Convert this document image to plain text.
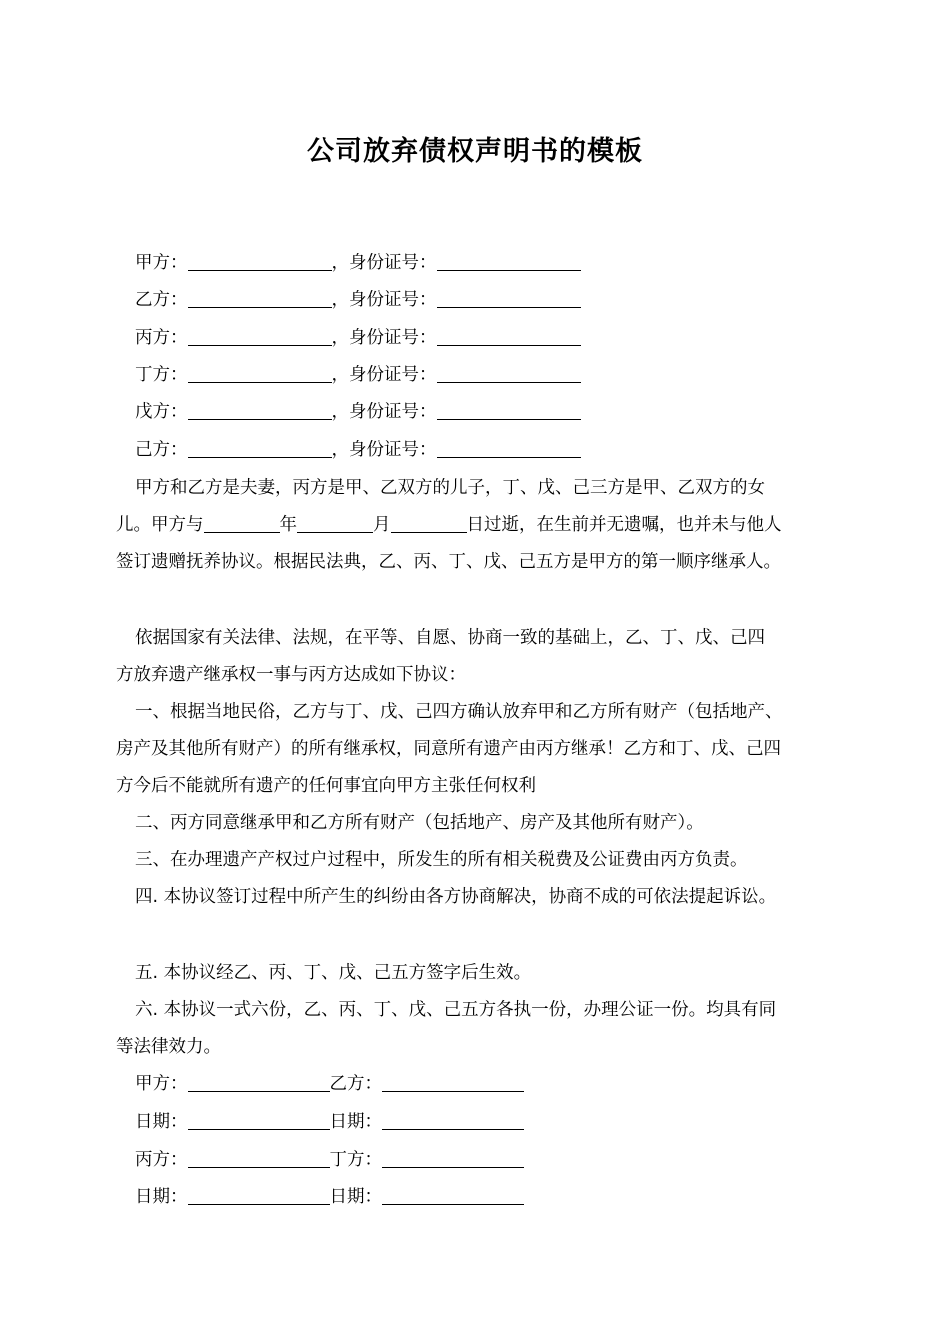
公司放弃债权声明书的模板
甲方：	，身份证号：
乙方：	，身份证号：
丙方：	，身份证号：
丁方：	，身份证号：
戊方：	，身份证号：
己方：	，身份证号：
甲方和乙方是夫妻，丙方是甲、乙双方的儿子，丁、戊、己三方是甲、乙双方的女
儿。甲方与	年	月	日过逝，在生前并无遗嘱，也并未与他人
签订遗赠抚养协议。根据民法典，乙、丙、丁、戊、己五方是甲方的第一顺序继承人。
依据国家有关法律、法规，在平等、自愿、协商一致的基础上，乙、丁、戊、己四
方放弃遗产继承权一事与丙方达成如下协议：
一、根据当地民俗，乙方与丁、戊、己四方确认放弃甲和乙方所有财产（包括地产、
房产及其他所有财产）的所有继承权，同意所有遗产由丙方继承！乙方和丁、戊、己四
方今后不能就所有遗产的任何事宜向甲方主张任何权利
二、丙方同意继承甲和乙方所有财产（包括地产、房产及其他所有财产）。
三、在办理遗产产权过户过程中，所发生的所有相关税费及公证费由丙方负责。
四. 本协议签订过程中所产生的纠纷由各方协商解决，协商不成的可依法提起诉讼。
五. 本协议经乙、丙、丁、戊、己五方签字后生效。
六. 本协议一式六份，乙、丙、丁、戊、己五方各执一份，办理公证一份。均具有同
等法律效力。
甲方：	乙方：
日期：	日期：
丙方：	丁方：
日期：	日期：
